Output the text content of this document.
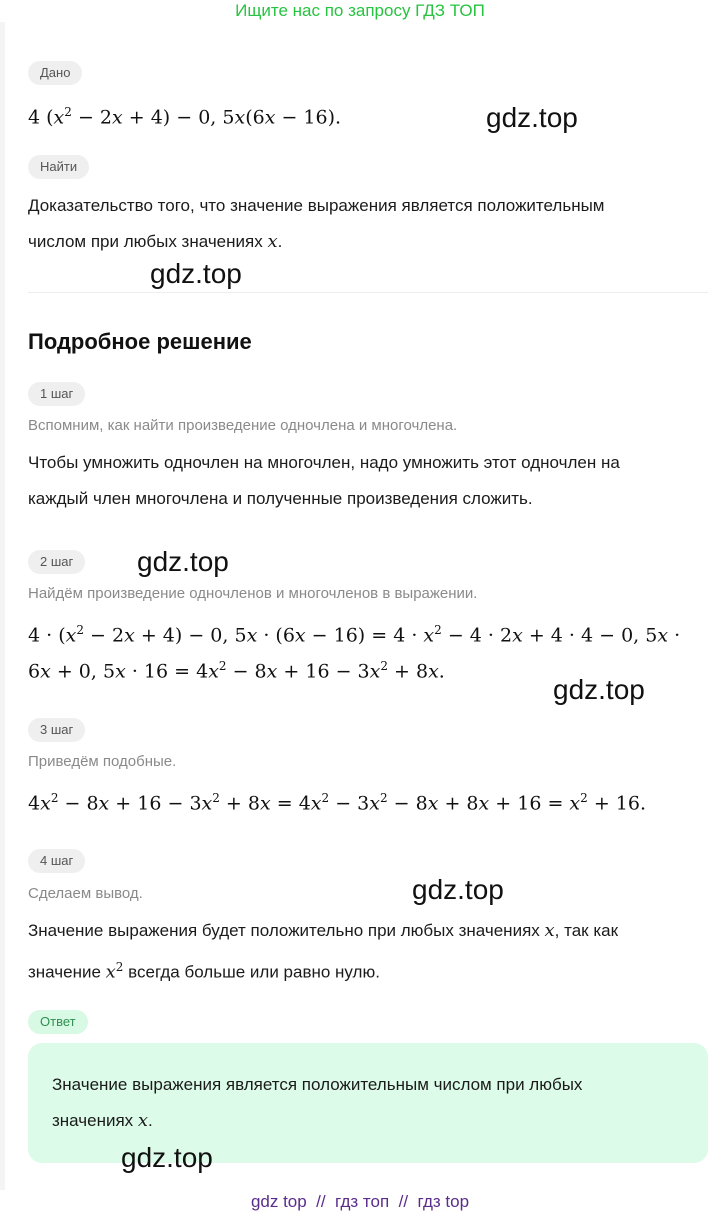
Ищите нас по запросу ГДЗ ТОП
Дано
4 $(x^2 - 2x + 4) - 0$, 5x(6x − 16).
Найти
Доказательство того, что значение выражения является положительным
числом при любых значениях x.
Подробное решение
1 шаг
Вспомним, как найти произведение одночлена и многочлена.
Чтобы умножить одночлен на многочлен, надо умножить этот одночлен на каждый член многочлена и полученные произведения сложить.
2 шаг
Найдём произведение одночленов и многочленов в выражении.
$4 \cdot (x^2 - 2x + 4) - 0$, $5x \cdot (6x - 16) = 4 \cdot x^2 - 4 \cdot 2x + 4 \cdot 4 - 0$, 5x ·
6x + 0, $5x \cdot 16 = 4x^2 - 8x + 16 - 3x^2 + 8x$.
3 шаг
Приведём подобные.
$4x^2 - 8x + 16 - 3x^2 + 8x = 4x^2 - 3x^2 - 8x + 8x + 16 = x^2 + 16$.
4 шаг
Сделаем вывод.
Значение выражения будет положительно при любых значениях x, так как
значение $x^2$ всегда больше или равно нулю.
Ответ
Значение выражения является положительным числом при любых
значениях x.
gdz.top
gdz.top
gdz.top
gdz.top
gdz.top
gdz.top
gdz top  //  гдз топ  //  гдз top
